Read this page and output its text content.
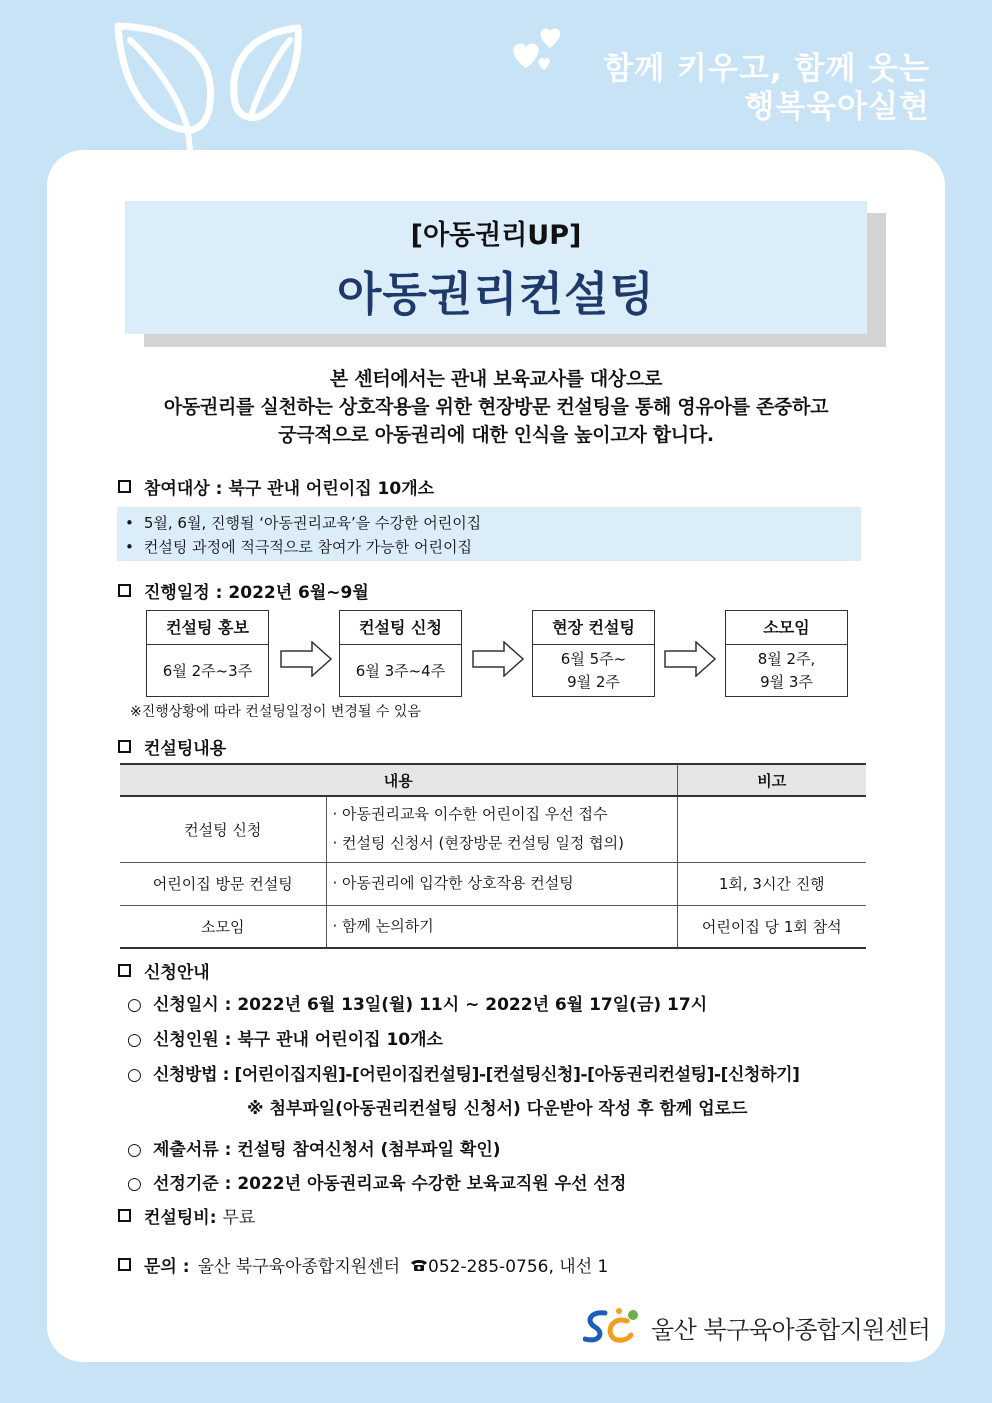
함께 키우고, 함께 웃는
행복육아실현
[아동권리UP]
아동권리컨설팅
본 센터에서는 관내 보육교사를 대상으로
아동권리를 실천하는 상호작용을 위한 현장방문 컨설팅을 통해 영유아를 존중하고
궁극적으로 아동권리에 대한 인식을 높이고자 합니다.
참여대상 : 북구 관내 어린이집 10개소
• 5월, 6월, 진행될 ‘아동권리교육’을 수강한 어린이집
• 컨설팅 과정에 적극적으로 참여가 가능한 어린이집
진행일정 : 2022년 6월~9월
컨설팅 홍보
6월 2주~3주
컨설팅 신청
6월 3주~4주
현장 컨설팅
6월 5주~
9월 2주
소모임
8월 2주,
9월 3주
※진행상황에 따라 컨설팅일정이 변경될 수 있음
컨설팅내용
내용		비고
컨설팅 신청	· 아동권리교육 이수한 어린이집 우선 접수
· 컨설팅 신청서 (현장방문 컨설팅 일정 협의)

어린이집 방문 컨설팅	· 아동권리에 입각한 상호작용 컨설팅	1회, 3시간 진행
소모임	· 함께 논의하기	어린이집 당 1회 참석
신청안내
○ 신청일시 : 2022년 6월 13일(월) 11시 ~ 2022년 6월 17일(금) 17시
○ 신청인원 : 북구 관내 어린이집 10개소
○ 신청방법 : [어린이집지원]-[어린이집컨설팅]-[컨설팅신청]-[아동권리컨설팅]-[신청하기]
※ 첨부파일(아동권리컨설팅 신청서) 다운받아 작성 후 함께 업로드
○ 제출서류 : 컨설팅 참여신청서 (첨부파일 확인)
○ 선정기준 : 2022년 아동권리교육 수강한 보육교직원 우선 선정
컨설팅비: 무료
문의 : 울산 북구육아종합지원센터 052-285-0756, 내선 1
울산 북구육아종합지원센터
